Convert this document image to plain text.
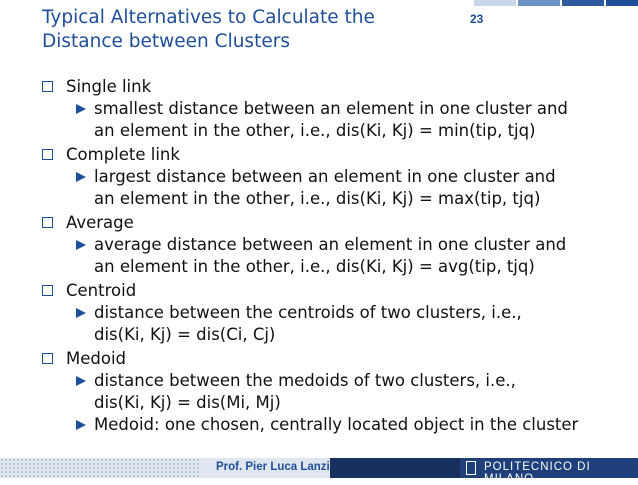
Typical Alternatives to Calculate the
Distance between Clusters
23
Single link
smallest distance between an element in one cluster and
an element in the other, i.e., dis(Ki, Kj) = min(tip, tjq)
Complete link
largest distance between an element in one cluster and
an element in the other, i.e., dis(Ki, Kj) = max(tip, tjq)
Average
average distance between an element in one cluster and
an element in the other, i.e., dis(Ki, Kj) = avg(tip, tjq)
Centroid
distance between the centroids of two clusters, i.e.,
dis(Ki, Kj) = dis(Ci, Cj)
Medoid
distance between the medoids of two clusters, i.e.,
dis(Ki, Kj) = dis(Mi, Mj)
Medoid: one chosen, centrally located object in the cluster
Prof. Pier Luca Lanzi	POLITECNICO DI MILANO
